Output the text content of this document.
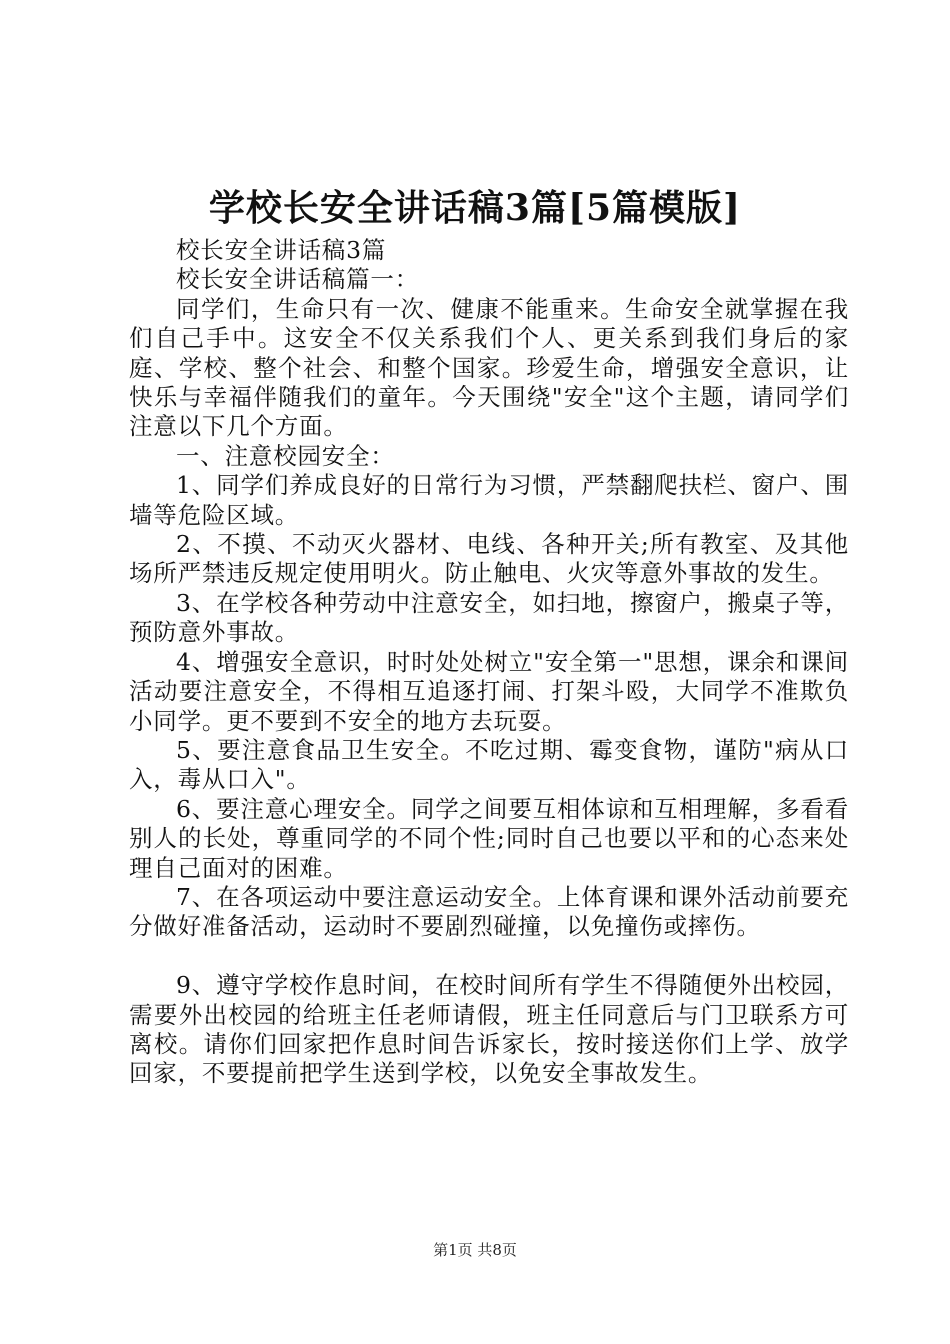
学校长安全讲话稿3篇[5篇模版]

校长安全讲话稿3篇

校长安全讲话稿篇一：

同学们，生命只有一次、健康不能重来。生命安全就掌握在我们自己手中。这安全不仅关系我们个人、更关系到我们身后的家庭、学校、整个社会、和整个国家。珍爱生命，增强安全意识，让快乐与幸福伴随我们的童年。今天围绕"安全"这个主题，请同学们注意以下几个方面。

一、注意校园安全：

1、同学们养成良好的日常行为习惯，严禁翻爬扶栏、窗户、围墙等危险区域。

2、不摸、不动灭火器材、电线、各种开关;所有教室、及其他场所严禁违反规定使用明火。防止触电、火灾等意外事故的发生。

3、在学校各种劳动中注意安全，如扫地，擦窗户，搬桌子等，预防意外事故。

4、增强安全意识，时时处处树立"安全第一"思想，课余和课间活动要注意安全，不得相互追逐打闹、打架斗殴，大同学不准欺负小同学。更不要到不安全的地方去玩耍。

5、要注意食品卫生安全。不吃过期、霉变食物，谨防"病从口入，毒从口入"。

6、要注意心理安全。同学之间要互相体谅和互相理解，多看看别人的长处，尊重同学的不同个性;同时自己也要以平和的心态来处理自己面对的困难。

7、在各项运动中要注意运动安全。上体育课和课外活动前要充分做好准备活动，运动时不要剧烈碰撞，以免撞伤或摔伤。

9、遵守学校作息时间，在校时间所有学生不得随便外出校园，需要外出校园的给班主任老师请假，班主任同意后与门卫联系方可离校。请你们回家把作息时间告诉家长，按时接送你们上学、放学回家，不要提前把学生送到学校，以免安全事故发生。

第1页 共8页
